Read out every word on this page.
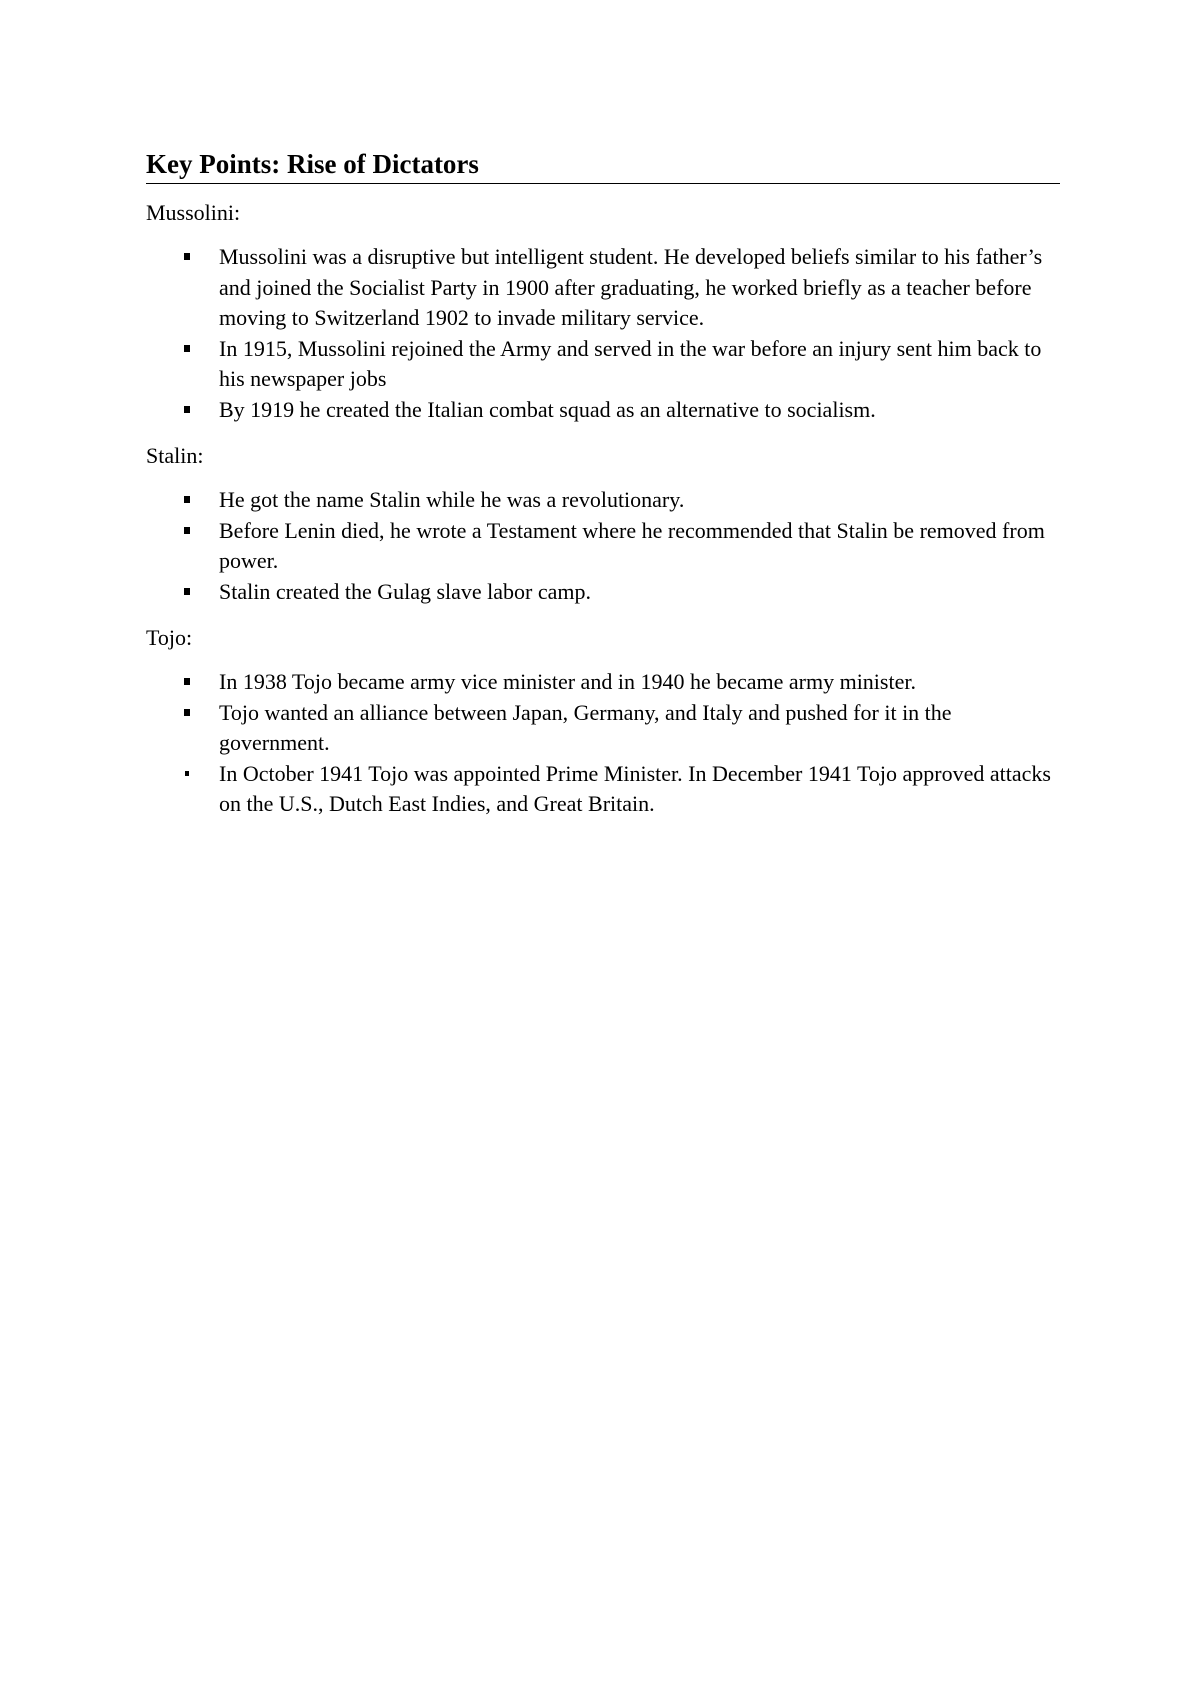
Key Points: Rise of Dictators
Mussolini:
Mussolini was a disruptive but intelligent student. He developed beliefs similar to his father’s and joined the Socialist Party in 1900 after graduating, he worked briefly as a teacher before moving to Switzerland 1902 to invade military service.
In 1915, Mussolini rejoined the Army and served in the war before an injury sent him back to his newspaper jobs
By 1919 he created the Italian combat squad as an alternative to socialism.
Stalin:
He got the name Stalin while he was a revolutionary.
Before Lenin died, he wrote a Testament where he recommended that Stalin be removed from power.
Stalin created the Gulag slave labor camp.
Tojo:
In 1938 Tojo became army vice minister and in 1940 he became army minister.
Tojo wanted an alliance between Japan, Germany, and Italy and pushed for it in the government.
In October 1941 Tojo was appointed Prime Minister. In December 1941 Tojo approved attacks on the U.S., Dutch East Indies, and Great Britain.
